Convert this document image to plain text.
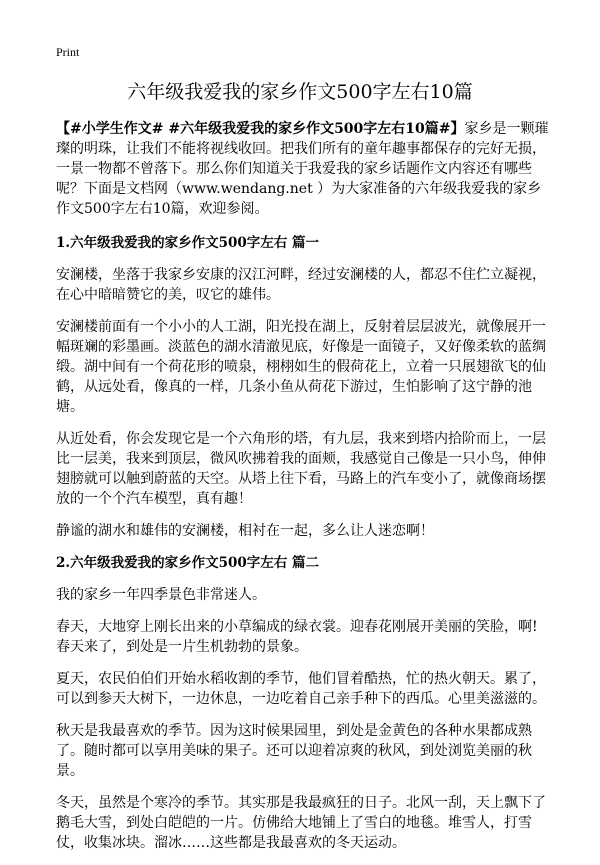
Print
六年级我爱我的家乡作文500字左右10篇

【#小学生作文# #六年级我爱我的家乡作文500字左右10篇#】家乡是一颗璀璨的明珠，让我们不能将视线收回。把我们所有的童年趣事都保存的完好无损，一景一物都不曾落下。那么你们知道关于我爱我的家乡话题作文内容还有哪些呢？下面是文档网（www.wendang.net ）为大家准备的六年级我爱我的家乡作文500字左右10篇，欢迎参阅。

1.六年级我爱我的家乡作文500字左右 篇一

安澜楼，坐落于我家乡安康的汉江河畔，经过安澜楼的人，都忍不住伫立凝视，在心中暗暗赞它的美，叹它的雄伟。

安澜楼前面有一个小小的人工湖，阳光投在湖上，反射着层层波光，就像展开一幅斑斓的彩墨画。淡蓝色的湖水清澈见底，好像是一面镜子，又好像柔软的蓝绸缎。湖中间有一个荷花形的喷泉，栩栩如生的假荷花上，立着一只展翅欲飞的仙鹤，从远处看，像真的一样，几条小鱼从荷花下游过，生怕影响了这宁静的池塘。

从近处看，你会发现它是一个六角形的塔，有九层，我来到塔内拾阶而上，一层比一层美，我来到顶层，微风吹拂着我的面颊，我感觉自己像是一只小鸟，伸伸翅膀就可以触到蔚蓝的天空。从塔上往下看，马路上的汽车变小了，就像商场摆放的一个个汽车模型，真有趣！

静谧的湖水和雄伟的安澜楼，相衬在一起，多么让人迷恋啊！

2.六年级我爱我的家乡作文500字左右 篇二

我的家乡一年四季景色非常迷人。

春天，大地穿上刚长出来的小草编成的绿衣裳。迎春花刚展开美丽的笑脸，啊!春天来了，到处是一片生机勃勃的景象。

夏天，农民伯伯们开始水稻收割的季节，他们冒着酷热，忙的热火朝天。累了，可以到参天大树下，一边休息，一边吃着自己亲手种下的西瓜。心里美滋滋的。

秋天是我最喜欢的季节。因为这时候果园里，到处是金黄色的各种水果都成熟了。随时都可以享用美味的果子。还可以迎着凉爽的秋风，到处浏览美丽的秋景。

冬天，虽然是个寒冷的季节。其实那是我最疯狂的日子。北风一刮，天上飘下了鹅毛大雪，到处白皑皑的一片。仿佛给大地铺上了雪白的地毯。堆雪人，打雪仗，收集冰块。溜冰……这些都是我最喜欢的冬天运动。
